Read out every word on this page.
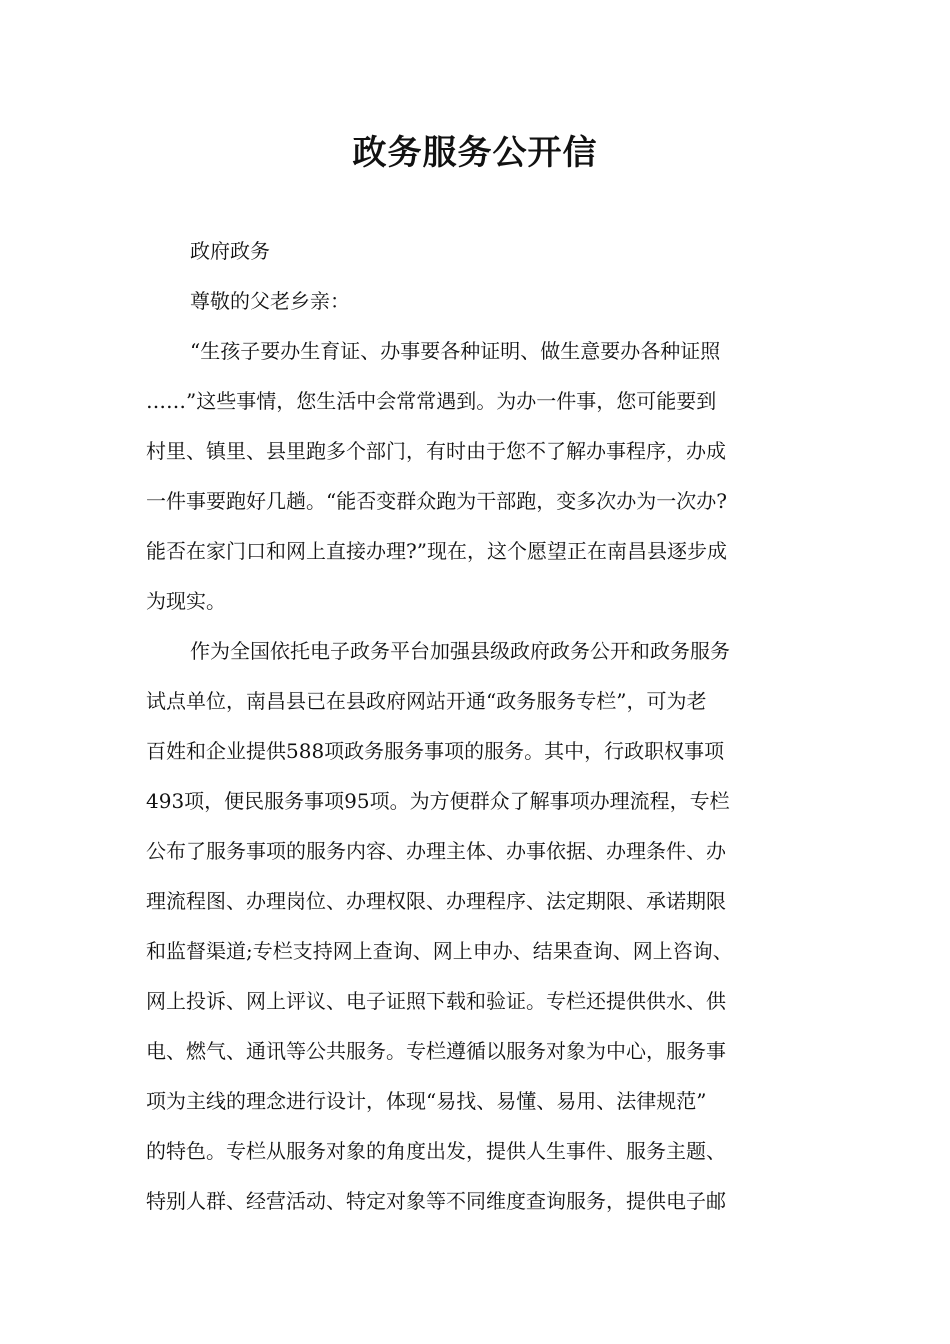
政务服务公开信
政府政务
尊敬的父老乡亲：
“生孩子要办生育证、办事要各种证明、做生意要办各种证照
……”这些事情，您生活中会常常遇到。为办一件事，您可能要到
村里、镇里、县里跑多个部门，有时由于您不了解办事程序，办成
一件事要跑好几趟。“能否变群众跑为干部跑，变多次办为一次办?
能否在家门口和网上直接办理?”现在，这个愿望正在南昌县逐步成
为现实。
作为全国依托电子政务平台加强县级政府政务公开和政务服务
试点单位，南昌县已在县政府网站开通“政务服务专栏”，可为老
百姓和企业提供588项政务服务事项的服务。其中，行政职权事项
493项，便民服务事项95项。为方便群众了解事项办理流程，专栏
公布了服务事项的服务内容、办理主体、办事依据、办理条件、办
理流程图、办理岗位、办理权限、办理程序、法定期限、承诺期限
和监督渠道;专栏支持网上查询、网上申办、结果查询、网上咨询、
网上投诉、网上评议、电子证照下载和验证。专栏还提供供水、供
电、燃气、通讯等公共服务。专栏遵循以服务对象为中心，服务事
项为主线的理念进行设计，体现“易找、易懂、易用、法律规范”
的特色。专栏从服务对象的角度出发，提供人生事件、服务主题、
特别人群、经营活动、特定对象等不同维度查询服务，提供电子邮
